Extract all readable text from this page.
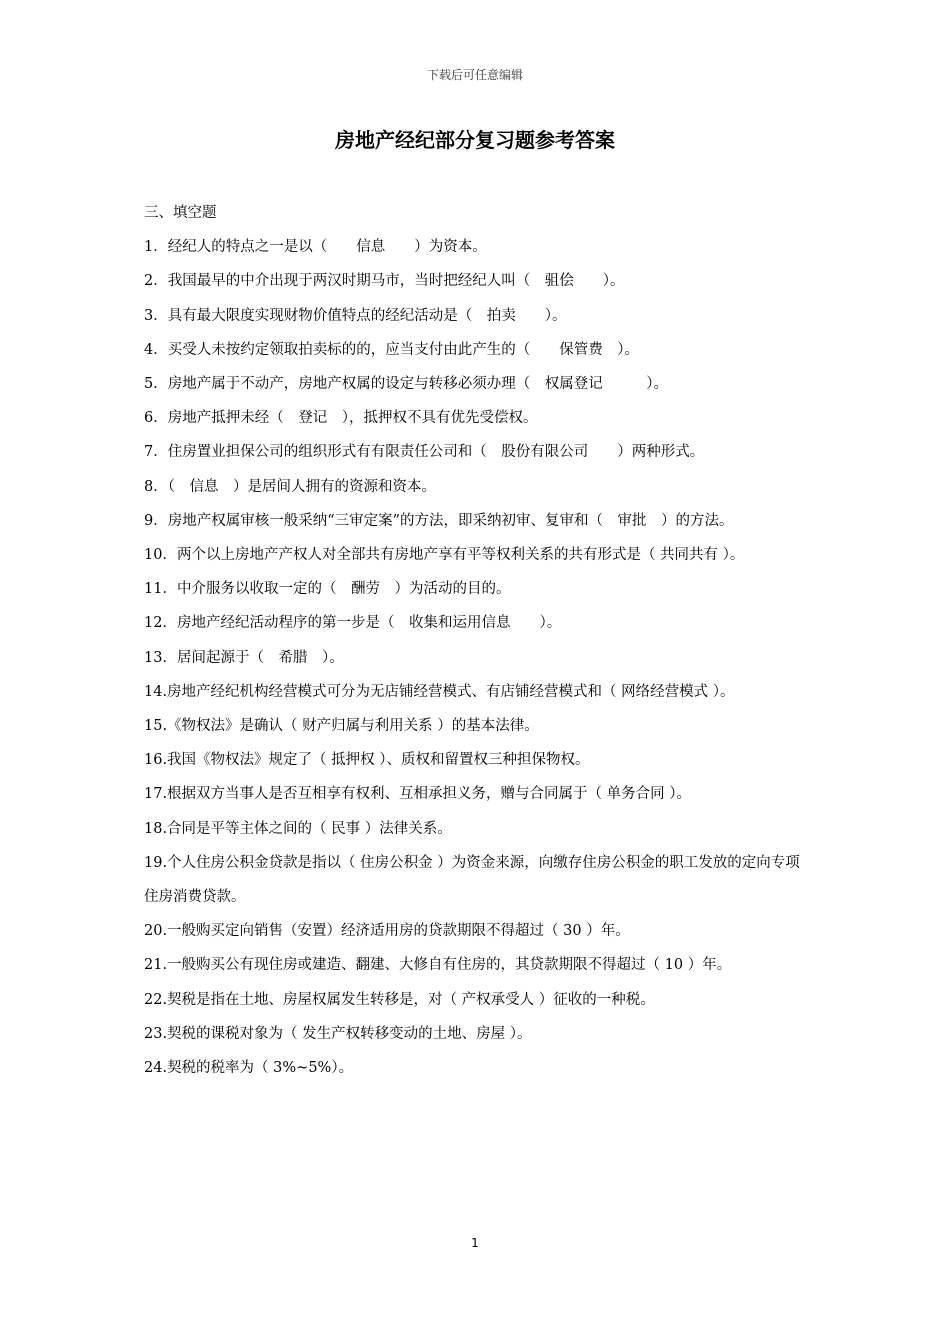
下载后可任意编辑
房地产经纪部分复习题参考答案

三、填空题

1．经纪人的特点之一是以（　　信息　　）为资本。

2．我国最早的中介出现于两汉时期马市，当时把经纪人叫（　驵侩　　）。

3．具有最大限度实现财物价值特点的经纪活动是（　拍卖　　）。

4．买受人未按约定领取拍卖标的的，应当支付由此产生的（　　保管费　）。

5．房地产属于不动产，房地产权属的设定与转移必须办理（　权属登记　　　）。

6．房地产抵押未经（　登记　），抵押权不具有优先受偿权。

7．住房置业担保公司的组织形式有有限责任公司和（　股份有限公司　　）两种形式。

8．（　信息　）是居间人拥有的资源和资本。

9．房地产权属审核一般采纳“三审定案”的方法，即采纳初审、复审和（　审批　）的方法。

10．两个以上房地产产权人对全部共有房地产享有平等权利关系的共有形式是（ 共同共有 ）。

11．中介服务以收取一定的（　酬劳　）为活动的目的。

12．房地产经纪活动程序的第一步是（　收集和运用信息　　）。

13．居间起源于（　希腊　）。

14.房地产经纪机构经营模式可分为无店铺经营模式、有店铺经营模式和（ 网络经营模式 ）。

15.《物权法》是确认（ 财产归属与利用关系 ）的基本法律。

16.我国《物权法》规定了（ 抵押权 ）、质权和留置权三种担保物权。

17.根据双方当事人是否互相享有权利、互相承担义务，赠与合同属于（ 单务合同 ）。

18.合同是平等主体之间的（ 民事 ）法律关系。

19.个人住房公积金贷款是指以（ 住房公积金 ）为资金来源，向缴存住房公积金的职工发放的定向专项住房消费贷款。

20.一般购买定向销售（安置）经济适用房的贷款期限不得超过（ 30 ）年。

21.一般购买公有现住房或建造、翻建、大修自有住房的，其贷款期限不得超过（ 10 ）年。

22.契税是指在土地、房屋权属发生转移是，对（ 产权承受人 ）征收的一种税。

23.契税的课税对象为（ 发生产权转移变动的土地、房屋 ）。

24.契税的税率为（ 3%~5%）。

1
